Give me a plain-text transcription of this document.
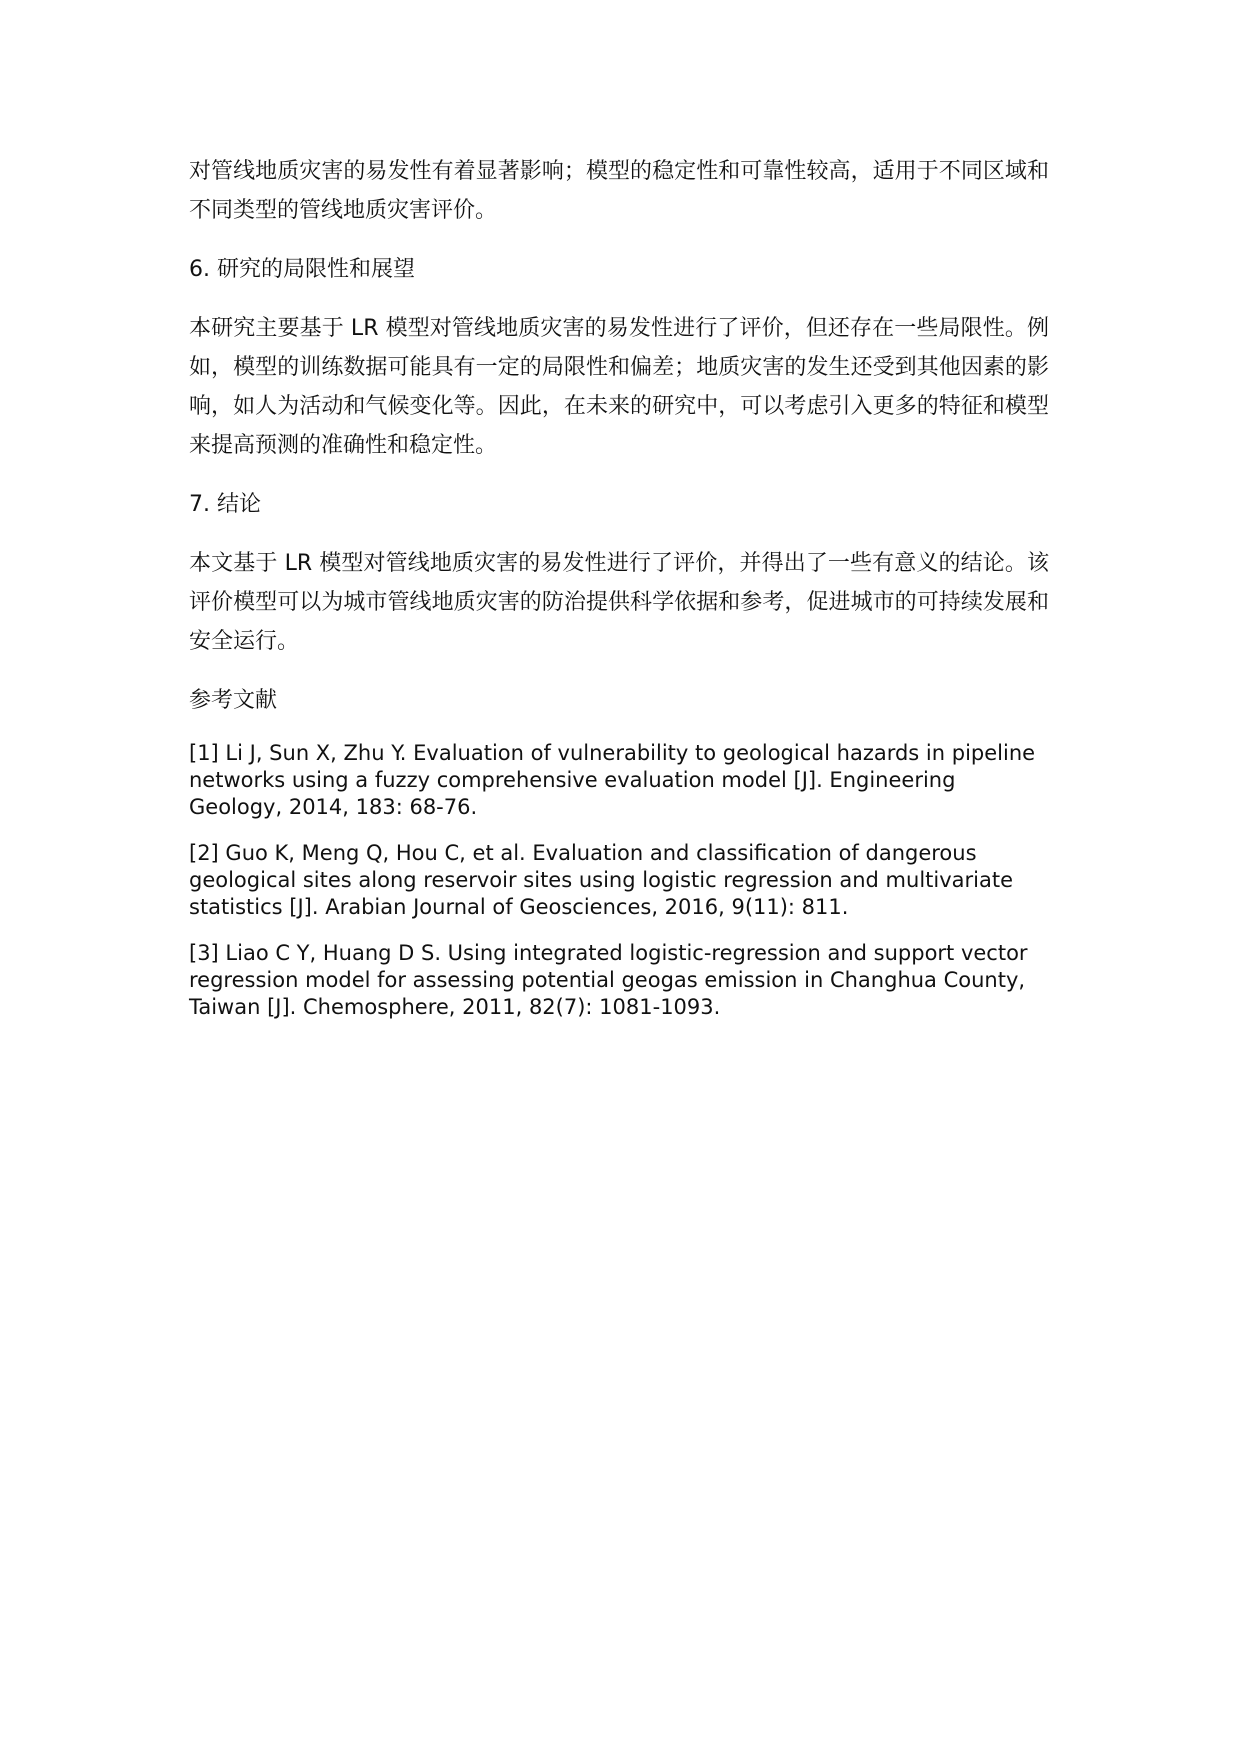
对管线地质灾害的易发性有着显著影响；模型的稳定性和可靠性较高，适用于不同区域和不同类型的管线地质灾害评价。

6. 研究的局限性和展望

本研究主要基于 LR 模型对管线地质灾害的易发性进行了评价，但还存在一些局限性。例如，模型的训练数据可能具有一定的局限性和偏差；地质灾害的发生还受到其他因素的影响，如人为活动和气候变化等。因此，在未来的研究中，可以考虑引入更多的特征和模型来提高预测的准确性和稳定性。

7. 结论

本文基于 LR 模型对管线地质灾害的易发性进行了评价，并得出了一些有意义的结论。该评价模型可以为城市管线地质灾害的防治提供科学依据和参考，促进城市的可持续发展和安全运行。

参考文献

[1] Li J, Sun X, Zhu Y. Evaluation of vulnerability to geological hazards in pipeline networks using a fuzzy comprehensive evaluation model [J]. Engineering Geology, 2014, 183: 68-76.

[2] Guo K, Meng Q, Hou C, et al. Evaluation and classification of dangerous geological sites along reservoir sites using logistic regression and multivariate statistics [J]. Arabian Journal of Geosciences, 2016, 9(11): 811.

[3] Liao C Y, Huang D S. Using integrated logistic-regression and support vector regression model for assessing potential geogas emission in Changhua County, Taiwan [J]. Chemosphere, 2011, 82(7): 1081-1093.
